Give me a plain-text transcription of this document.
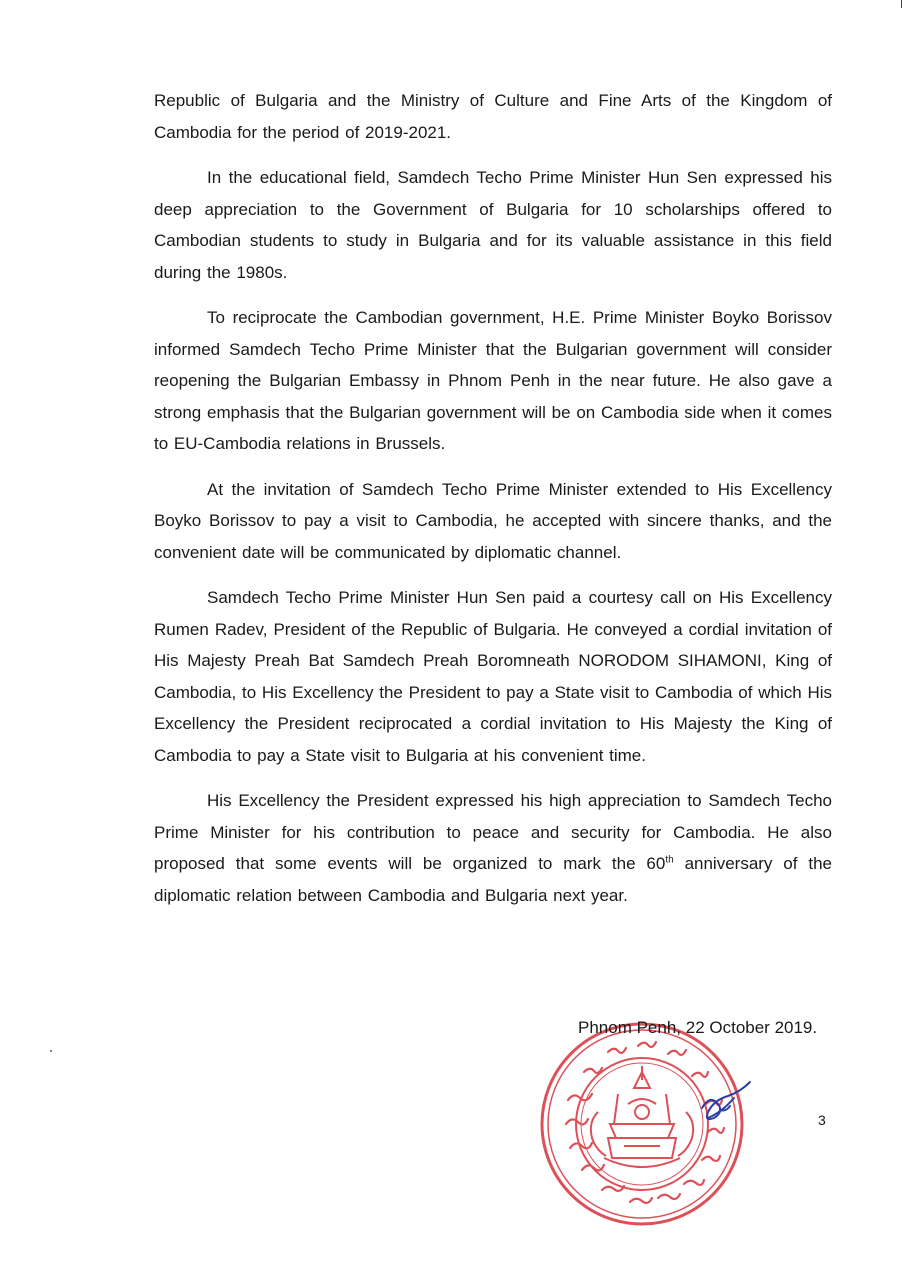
Republic of Bulgaria and the Ministry of Culture and Fine Arts of the Kingdom of Cambodia for the period of 2019-2021.

In the educational field, Samdech Techo Prime Minister Hun Sen expressed his deep appreciation to the Government of Bulgaria for 10 scholarships offered to Cambodian students to study in Bulgaria and for its valuable assistance in this field during the 1980s.

To reciprocate the Cambodian government, H.E. Prime Minister Boyko Borissov informed Samdech Techo Prime Minister that the Bulgarian government will consider reopening the Bulgarian Embassy in Phnom Penh in the near future. He also gave a strong emphasis that the Bulgarian government will be on Cambodia side when it comes to EU-Cambodia relations in Brussels.

At the invitation of Samdech Techo Prime Minister extended to His Excellency Boyko Borissov to pay a visit to Cambodia, he accepted with sincere thanks, and the convenient date will be communicated by diplomatic channel.

Samdech Techo Prime Minister Hun Sen paid a courtesy call on His Excellency Rumen Radev, President of the Republic of Bulgaria. He conveyed a cordial invitation of His Majesty Preah Bat Samdech Preah Boromneath NORODOM SIHAMONI, King of Cambodia, to His Excellency the President to pay a State visit to Cambodia of which His Excellency the President reciprocated a cordial invitation to His Majesty the King of Cambodia to pay a State visit to Bulgaria at his convenient time.

His Excellency the President expressed his high appreciation to Samdech Techo Prime Minister for his contribution to peace and security for Cambodia. He also proposed that some events will be organized to mark the 60th anniversary of the diplomatic relation between Cambodia and Bulgaria next year.

Phnom Penh, 22 October 2019.
3
